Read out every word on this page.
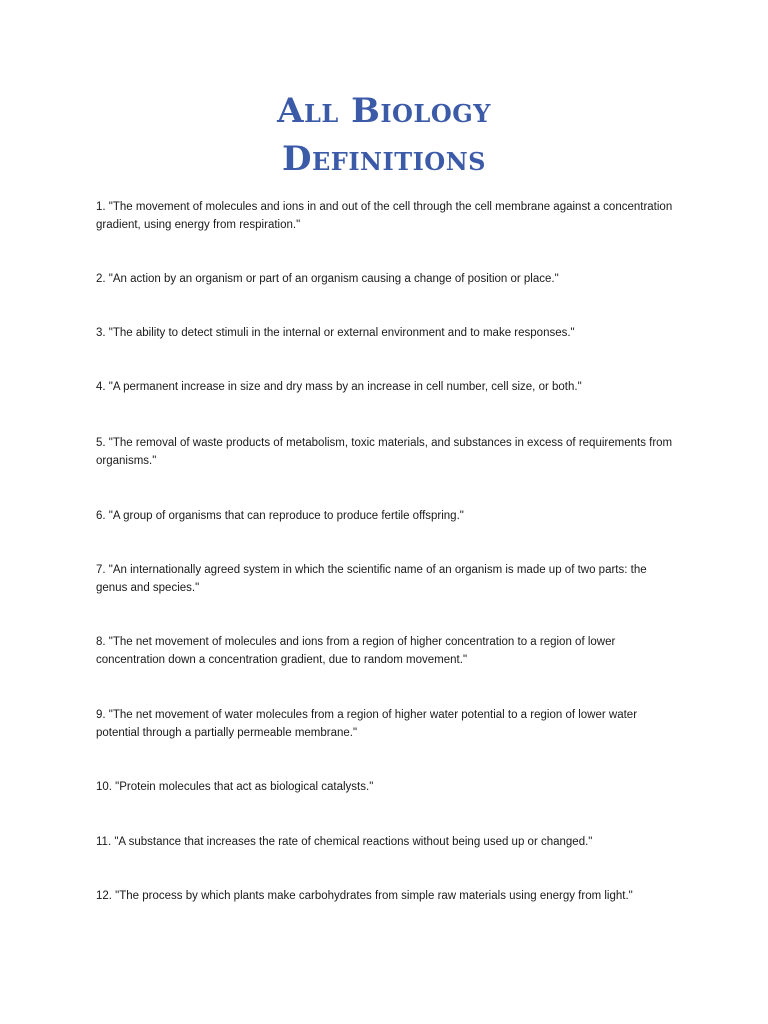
All Biology
Definitions

1. "The movement of molecules and ions in and out of the cell through the cell membrane against a concentration gradient, using energy from respiration."

2. "An action by an organism or part of an organism causing a change of position or place."

3. "The ability to detect stimuli in the internal or external environment and to make responses."

4. "A permanent increase in size and dry mass by an increase in cell number, cell size, or both."

5. "The removal of waste products of metabolism, toxic materials, and substances in excess of requirements from organisms."

6. "A group of organisms that can reproduce to produce fertile offspring."

7. "An internationally agreed system in which the scientific name of an organism is made up of two parts: the genus and species."

8. "The net movement of molecules and ions from a region of higher concentration to a region of lower concentration down a concentration gradient, due to random movement."

9. "The net movement of water molecules from a region of higher water potential to a region of lower water potential through a partially permeable membrane."

10. "Protein molecules that act as biological catalysts."

11. "A substance that increases the rate of chemical reactions without being used up or changed."

12. "The process by which plants make carbohydrates from simple raw materials using energy from light."
